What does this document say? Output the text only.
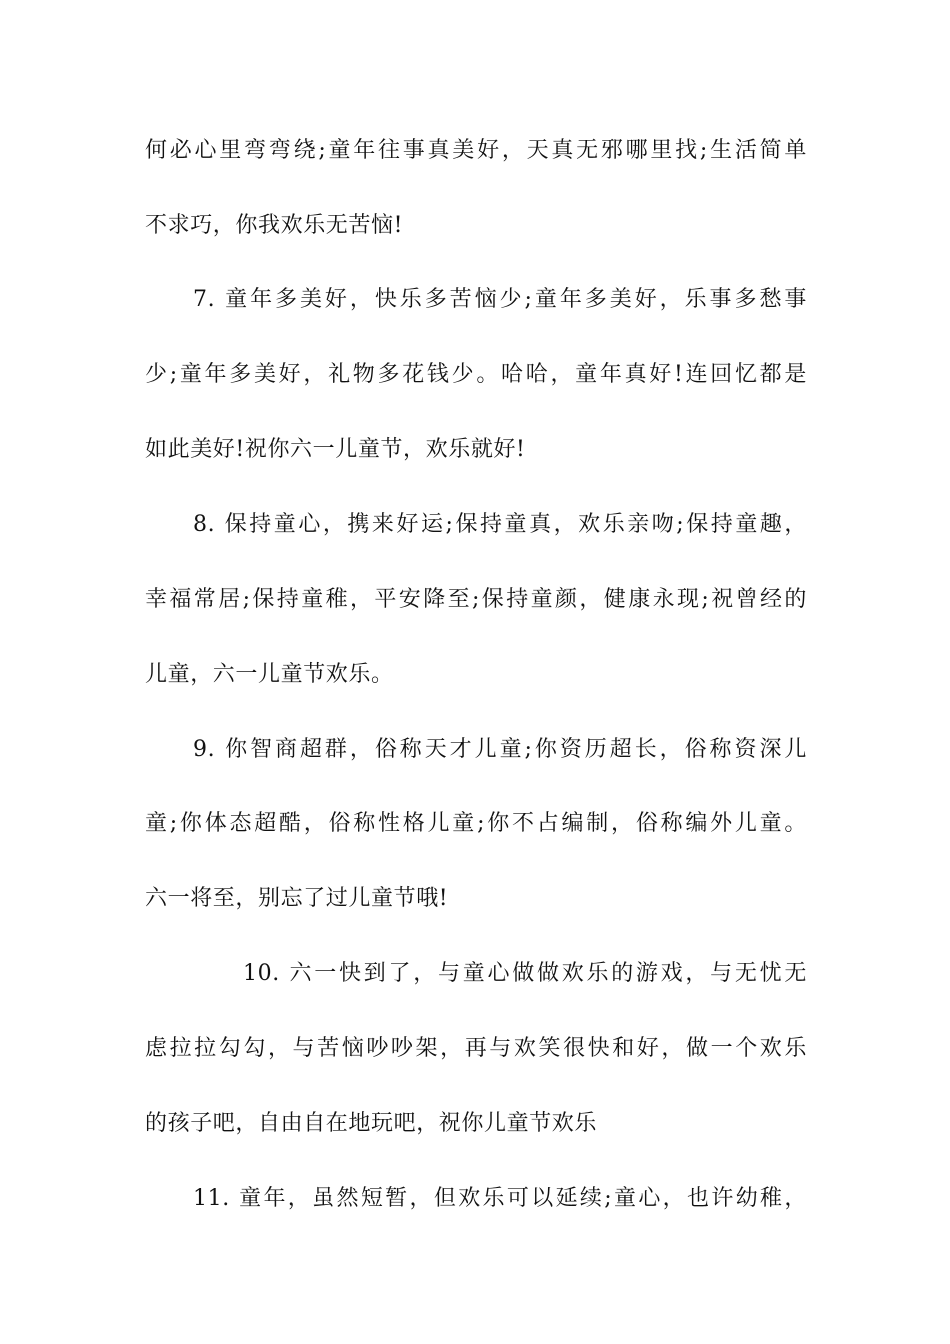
何必心里弯弯绕;童年往事真美好，天真无邪哪里找;生活简单
不求巧，你我欢乐无苦恼!
7. 童年多美好，快乐多苦恼少;童年多美好，乐事多愁事
少;童年多美好，礼物多花钱少。哈哈，童年真好!连回忆都是
如此美好!祝你六一儿童节，欢乐就好!
8. 保持童心，携来好运;保持童真，欢乐亲吻;保持童趣，
幸福常居;保持童稚，平安降至;保持童颜，健康永现;祝曾经的
儿童，六一儿童节欢乐。
9. 你智商超群，俗称天才儿童;你资历超长，俗称资深儿
童;你体态超酷，俗称性格儿童;你不占编制，俗称编外儿童。
六一将至，别忘了过儿童节哦!
10. 六一快到了，与童心做做欢乐的游戏，与无忧无
虑拉拉勾勾，与苦恼吵吵架，再与欢笑很快和好，做一个欢乐
的孩子吧，自由自在地玩吧，祝你儿童节欢乐
11. 童年，虽然短暂，但欢乐可以延续;童心，也许幼稚，
